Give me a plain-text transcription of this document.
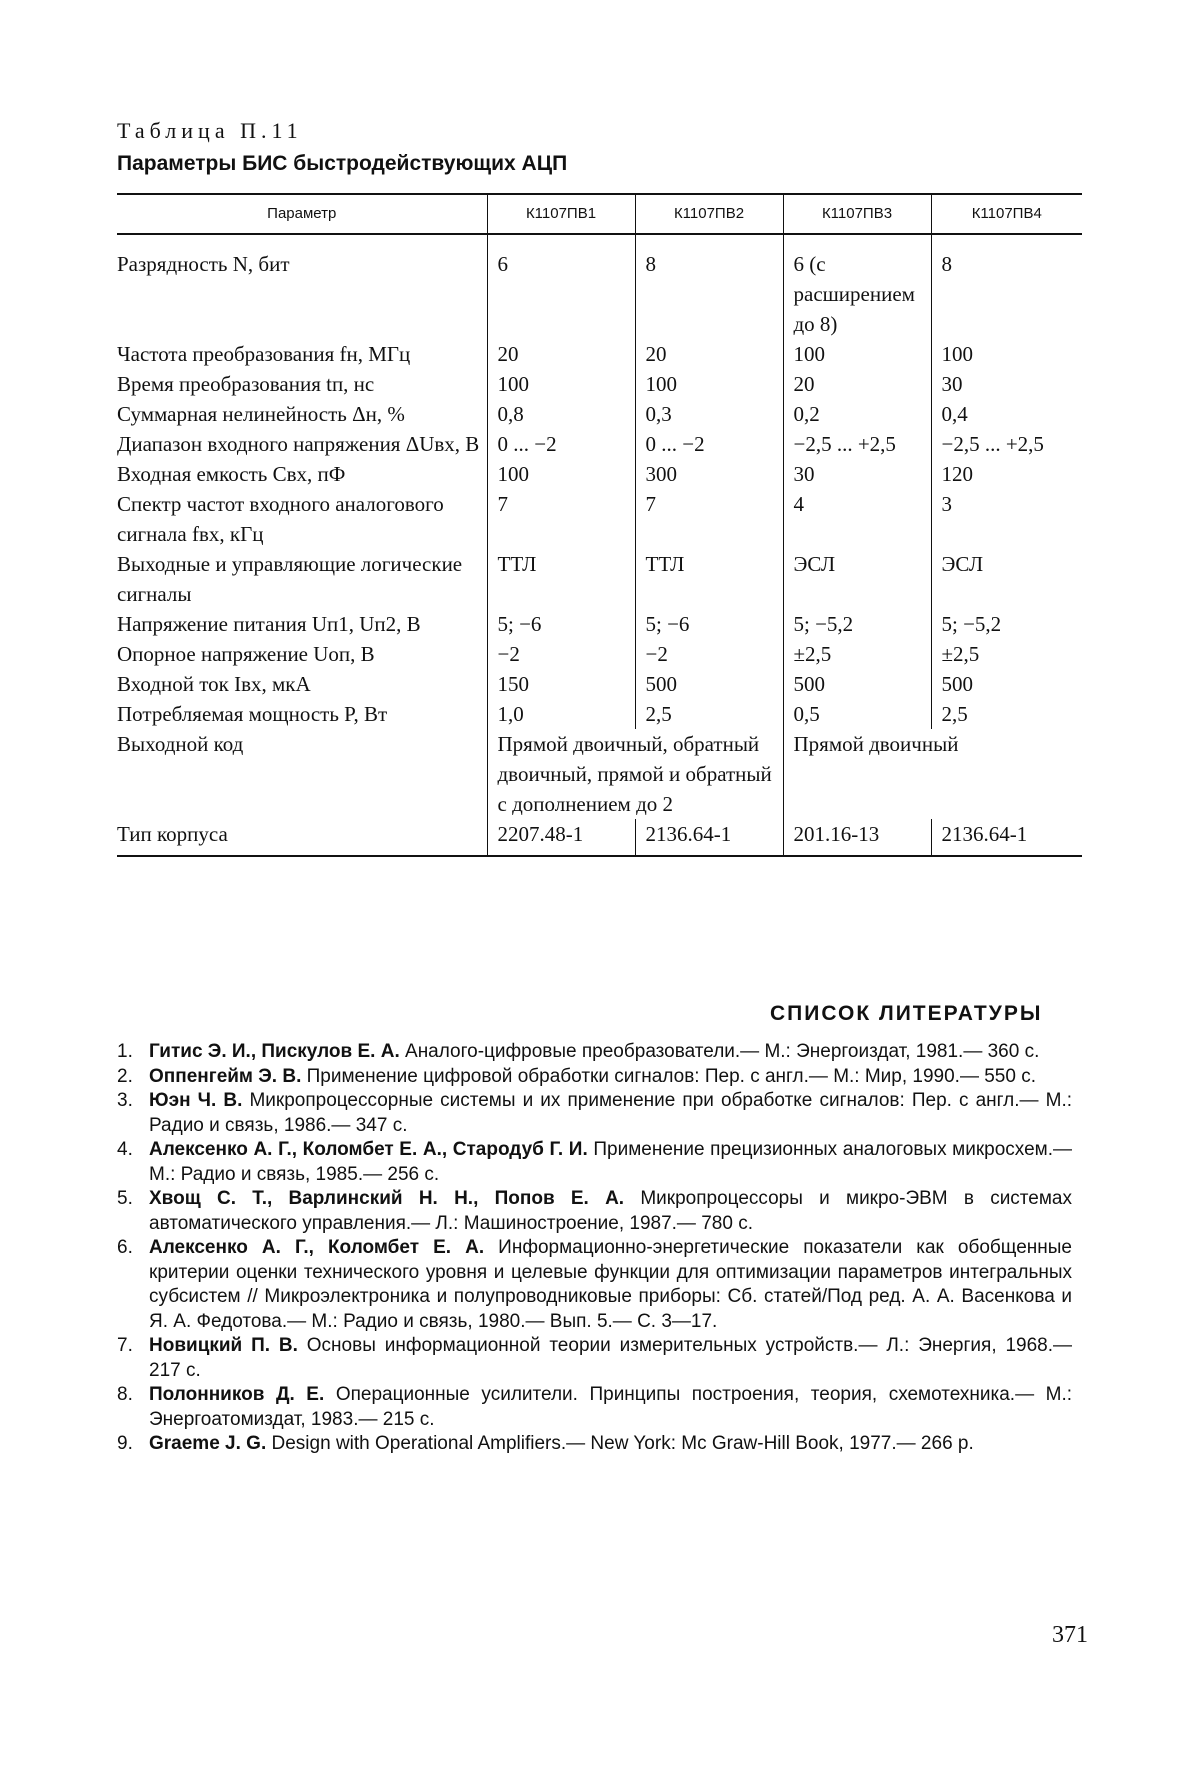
Таблица П.11
Параметры БИС быстродействующих АЦП
Параметр	К1107ПВ1	К1107ПВ2	К1107ПВ3	К1107ПВ4
Разрядность N, бит	6	8	6 (с расширением до 8)	8
Частота преобразования fн, МГц	20	20	100	100
Время преобразования tп, нс	100	100	20	30
Суммарная нелинейность Δн, %	0,8	0,3	0,2	0,4
Диапазон входного напряжения ΔUвх, В	0 ... −2	0 ... −2	−2,5 ... +2,5	−2,5 ... +2,5
Входная емкость Cвх, пФ	100	300	30	120
Спектр частот входного аналогового сигнала fвх, кГц	7	7	4	3
Выходные и управляющие логические сигналы	ТТЛ	ТТЛ	ЭСЛ	ЭСЛ
Напряжение питания Uп1, Uп2, В	5; −6	5; −6	5; −5,2	5; −5,2
Опорное напряжение Uоп, В	−2	−2	±2,5	±2,5
Входной ток Iвх, мкА	150	500	500	500
Потребляемая мощность P, Вт	1,0	2,5	0,5	2,5
Выходной код	Прямой двоичный, обратный двоичный, прямой и обратный с дополнением до 2	Прямой двоичный
Тип корпуса	2207.48-1	2136.64-1	201.16-13	2136.64-1
СПИСОК ЛИТЕРАТУРЫ
1. Гитис Э. И., Пискулов Е. А. Аналого-цифровые преобразователи.— М.: Энергоиздат, 1981.— 360 с.
2. Оппенгейм Э. В. Применение цифровой обработки сигналов: Пер. с англ.— М.: Мир, 1990.— 550 с.
3. Юэн Ч. В. Микропроцессорные системы и их применение при обработке сигналов: Пер. с англ.— М.: Радио и связь, 1986.— 347 с.
4. Алексенко А. Г., Коломбет Е. А., Стародуб Г. И. Применение прецизионных аналоговых микросхем.— М.: Радио и связь, 1985.— 256 с.
5. Хвощ С. Т., Варлинский Н. Н., Попов Е. А. Микропроцессоры и микро-ЭВМ в системах автоматического управления.— Л.: Машиностроение, 1987.— 780 с.
6. Алексенко А. Г., Коломбет Е. А. Информационно-энергетические показатели как обобщенные критерии оценки технического уровня и целевые функции для оптимизации параметров интегральных субсистем // Микроэлектроника и полупроводниковые приборы: Сб. статей/Под ред. А. А. Васенкова и Я. А. Федотова.— М.: Радио и связь, 1980.— Вып. 5.— С. 3—17.
7. Новицкий П. В. Основы информационной теории измерительных устройств.— Л.: Энергия, 1968.— 217 с.
8. Полонников Д. Е. Операционные усилители. Принципы построения, теория, схемотехника.— М.: Энергоатомиздат, 1983.— 215 с.
9. Graeme J. G. Design with Operational Amplifiers.— New York: Mc Graw-Hill Book, 1977.— 266 p.
371
